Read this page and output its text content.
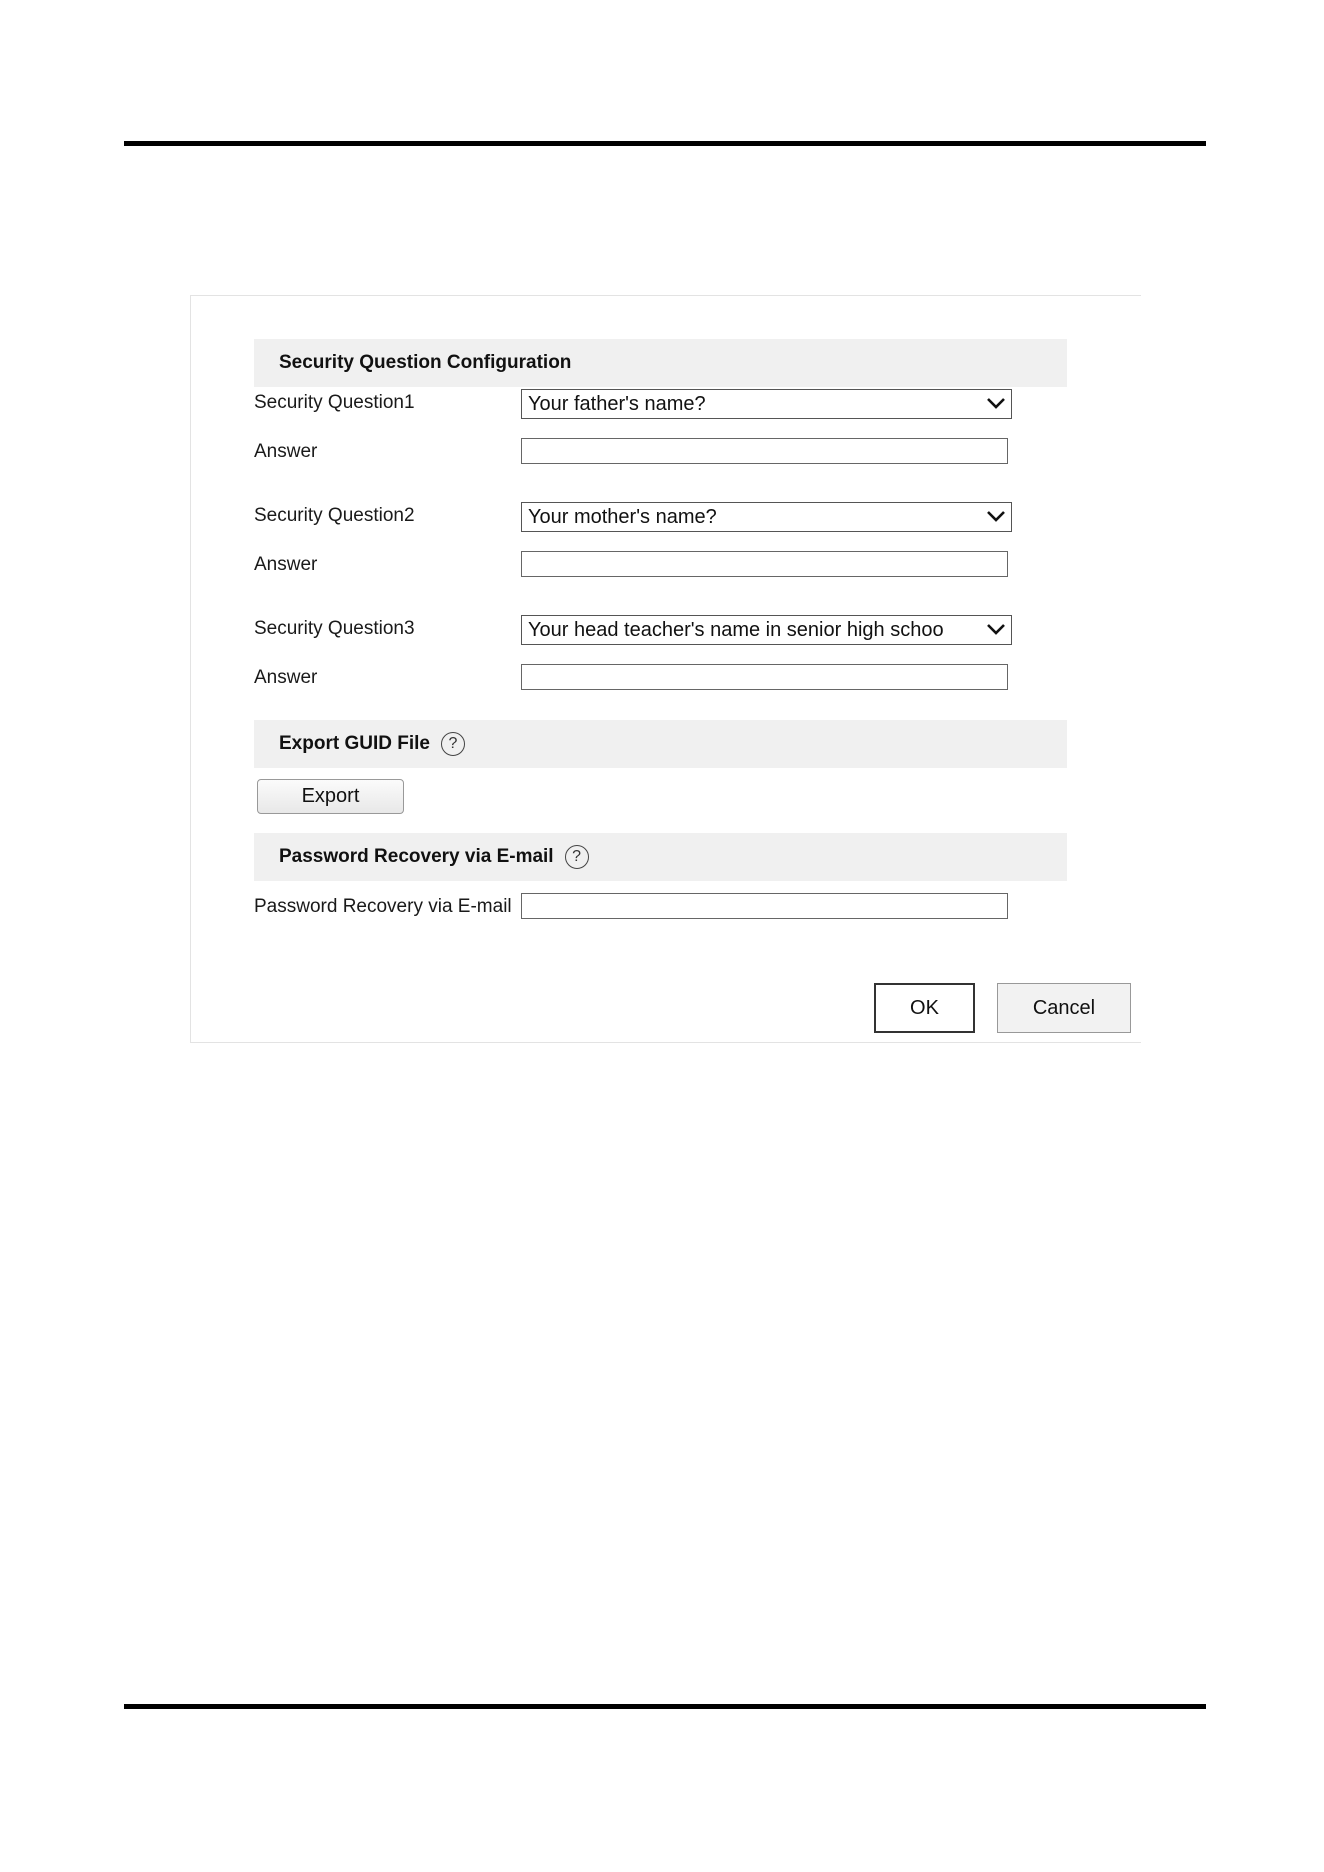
Security Question Configuration
Security Question1	Your father's name?
Answer
Security Question2	Your mother's name?
Answer
Security Question3	Your head teacher's name in senior high schoo
Answer
Export GUID File	?
Export
Password Recovery via E-mail	?
Password Recovery via E-mail
OK	Cancel
